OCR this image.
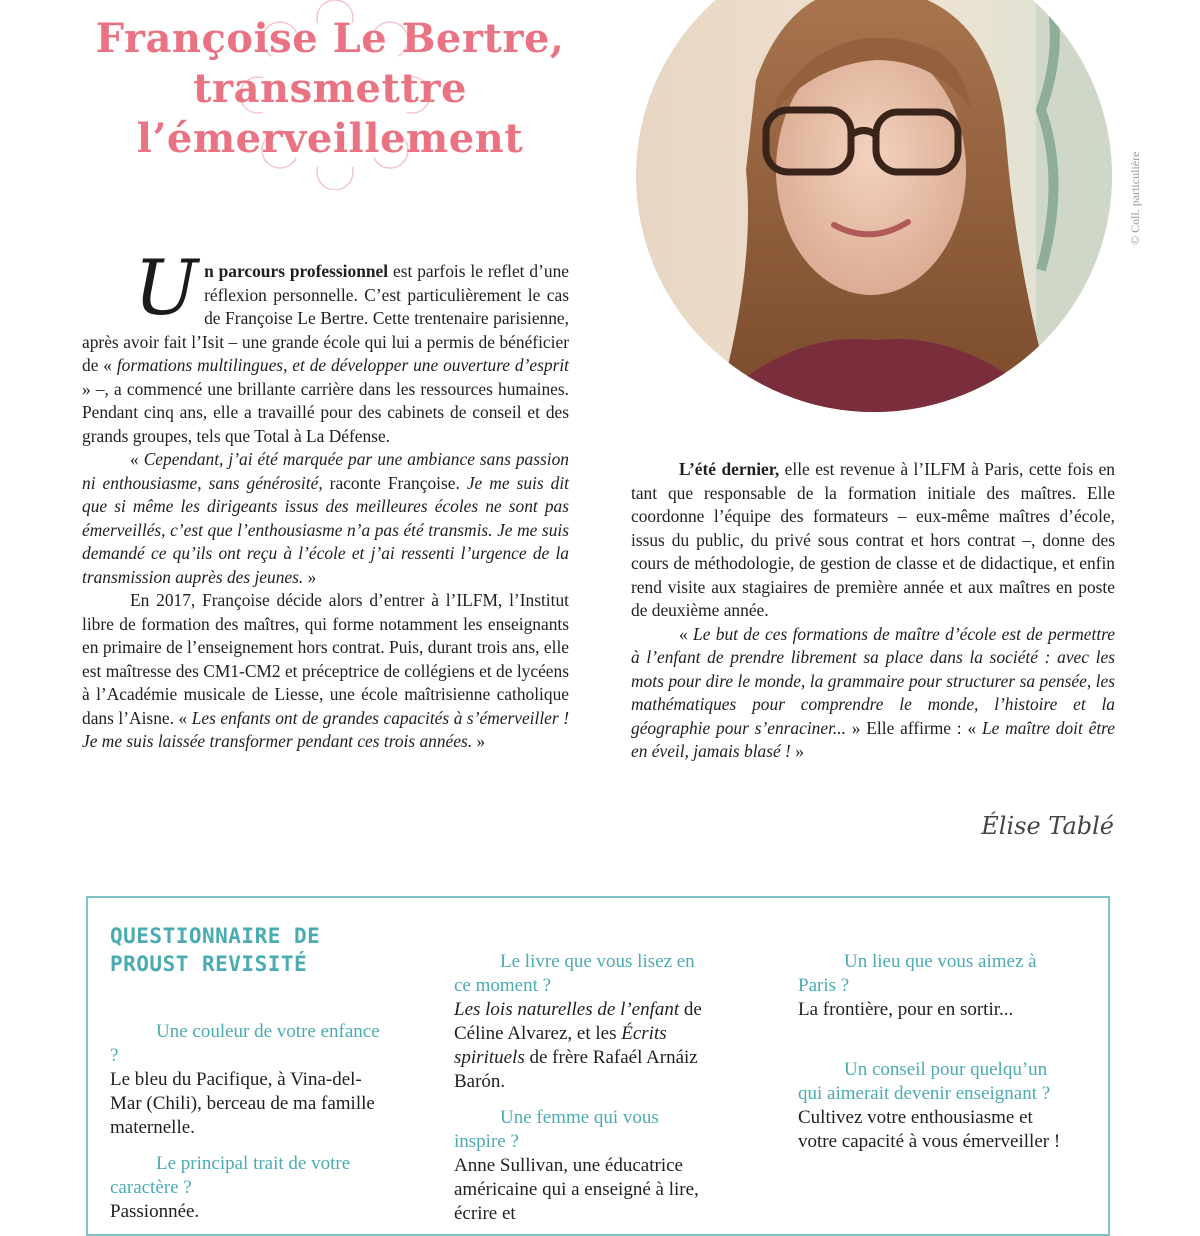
Françoise Le Bertre,
transmettre
l’émerveillement
© Coll. particulière

Un parcours professionnel est parfois le reflet d’une réflexion personnelle. C’est particulièrement le cas de Françoise Le Bertre. Cette trentenaire parisienne, après avoir fait l’Isit – une grande école qui lui a permis de bénéficier de « formations multilingues, et de développer une ouverture d’esprit » –, a commencé une brillante carrière dans les ressources humaines. Pendant cinq ans, elle a travaillé pour des cabinets de conseil et des grands groupes, tels que Total à La Défense.

« Cependant, j’ai été marquée par une ambiance sans passion ni enthousiasme, sans générosité, raconte Françoise. Je me suis dit que si même les dirigeants issus des meilleures écoles ne sont pas émerveillés, c’est que l’enthousiasme n’a pas été transmis. Je me suis demandé ce qu’ils ont reçu à l’école et j’ai ressenti l’urgence de la transmission auprès des jeunes. »

En 2017, Françoise décide alors d’entrer à l’ILFM, l’Institut libre de formation des maîtres, qui forme notamment les enseignants en primaire de l’enseignement hors contrat. Puis, durant trois ans, elle est maîtresse des CM1-CM2 et préceptrice de collégiens et de lycéens à l’Académie musicale de Liesse, une école maîtrisienne catholique dans l’Aisne. « Les enfants ont de grandes capacités à s’émerveiller ! Je me suis laissée transformer pendant ces trois années. »

L’été dernier, elle est revenue à l’ILFM à Paris, cette fois en tant que responsable de la formation initiale des maîtres. Elle coordonne l’équipe des formateurs – eux-même maîtres d’école, issus du public, du privé sous contrat et hors contrat –, donne des cours de méthodologie, de gestion de classe et de didactique, et enfin rend visite aux stagiaires de première année et aux maîtres en poste de deuxième année.

« Le but de ces formations de maître d’école est de permettre à l’enfant de prendre librement sa place dans la société : avec les mots pour dire le monde, la grammaire pour structurer sa pensée, les mathématiques pour comprendre le monde, l’histoire et la géographie pour s’enraciner... » Elle affirme : « Le maître doit être en éveil, jamais blasé ! »

Élise Tablé

QUESTIONNAIRE DE PROUST REVISITÉ

Une couleur de votre enfance ? Le bleu du Pacifique, à Vina-del-Mar (Chili), berceau de ma famille maternelle.

Le principal trait de votre caractère ? Passionnée.

Le livre que vous lisez en ce moment ? Les lois naturelles de l’enfant de Céline Alvarez, et les Écrits spirituels de frère Rafaél Arnáiz Barón.

Une femme qui vous inspire ? Anne Sullivan, une éducatrice américaine qui a enseigné à lire, écrire et

Un lieu que vous aimez à Paris ? La frontière, pour en sortir...

Un conseil pour quelqu’un qui aimerait devenir enseignant ? Cultivez votre enthousiasme et votre capacité à vous émerveiller !
